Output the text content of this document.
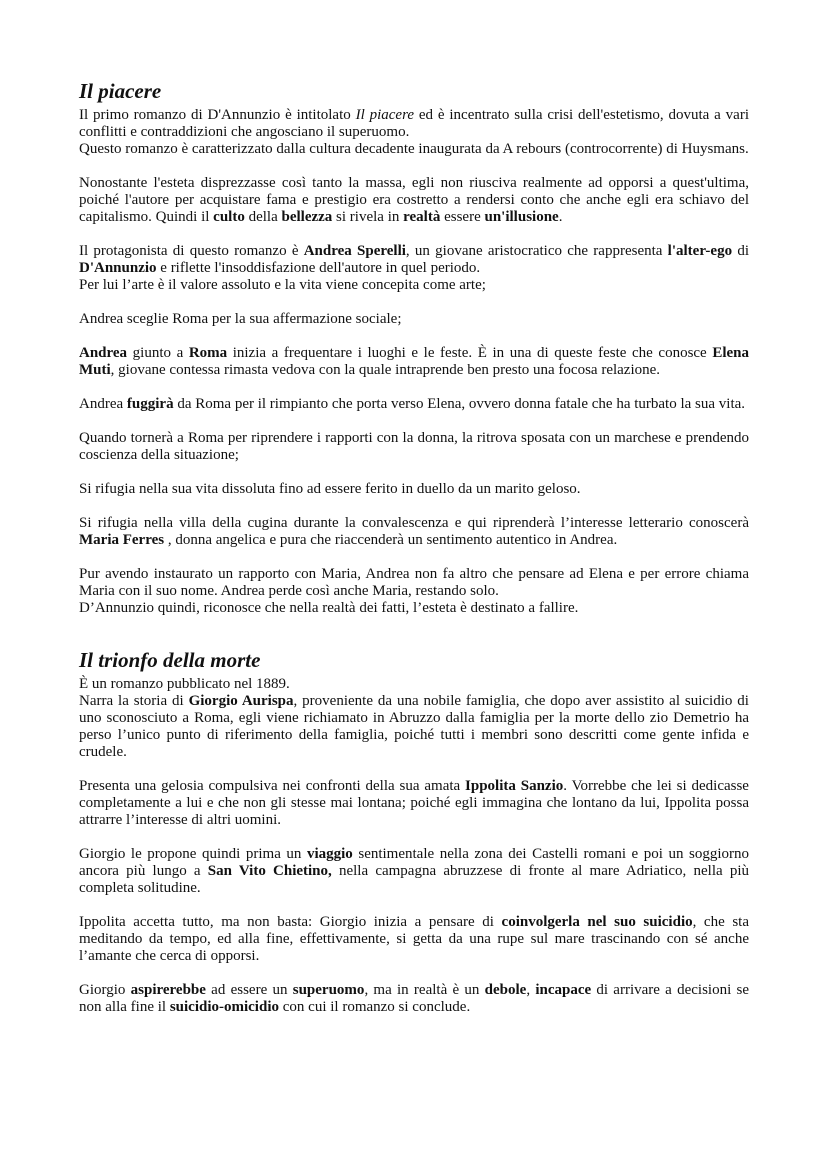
Il piacere

Il primo romanzo di D'Annunzio è intitolato Il piacere ed è incentrato sulla crisi dell'estetismo, dovuta a vari conflitti e contraddizioni che angosciano il superuomo.

Questo romanzo è caratterizzato dalla cultura decadente inaugurata da A rebours (controcorrente) di Huysmans.

Nonostante l'esteta disprezzasse così tanto la massa, egli non riusciva realmente ad opporsi a quest'ultima, poiché l'autore per acquistare fama e prestigio era costretto a rendersi conto che anche egli era schiavo del capitalismo. Quindi il culto della bellezza si rivela in realtà essere un'illusione.

Il protagonista di questo romanzo è Andrea Sperelli, un giovane aristocratico che rappresenta l'alter-ego di D'Annunzio e riflette l'insoddisfazione dell'autore in quel periodo.

Per lui l’arte è il valore assoluto e la vita viene concepita come arte;

Andrea sceglie Roma per la sua affermazione sociale;

Andrea giunto a Roma inizia a frequentare i luoghi e le feste. È in una di queste feste che conosce Elena Muti, giovane contessa rimasta vedova con la quale intraprende ben presto una focosa relazione.

Andrea fuggirà da Roma per il rimpianto che porta verso Elena, ovvero donna fatale che ha turbato la sua vita.

Quando tornerà a Roma per riprendere i rapporti con la donna, la ritrova sposata con un marchese e prendendo coscienza della situazione;

Si rifugia nella sua vita dissoluta fino ad essere ferito in duello da un marito geloso.

Si rifugia nella villa della cugina durante la convalescenza e qui riprenderà l’interesse letterario conoscerà Maria Ferres , donna angelica e pura che riaccenderà un sentimento autentico in Andrea.

Pur avendo instaurato un rapporto con Maria, Andrea non fa altro che pensare ad Elena e per errore chiama Maria con il suo nome. Andrea perde così anche Maria, restando solo.

D’Annunzio quindi, riconosce che nella realtà dei fatti, l’esteta è destinato a fallire.

Il trionfo della morte

È un romanzo pubblicato nel 1889.

Narra la storia di Giorgio Aurispa, proveniente da una nobile famiglia, che dopo aver assistito al suicidio di uno sconosciuto a Roma, egli viene richiamato in Abruzzo dalla famiglia per la morte dello zio Demetrio ha perso l’unico punto di riferimento della famiglia, poiché tutti i membri sono descritti come gente infida e crudele.

Presenta una gelosia compulsiva nei confronti della sua amata Ippolita Sanzio. Vorrebbe che lei si dedicasse completamente a lui e che non gli stesse mai lontana; poiché egli immagina che lontano da lui, Ippolita possa attrarre l’interesse di altri uomini.

Giorgio le propone quindi prima un viaggio sentimentale nella zona dei Castelli romani e poi un soggiorno ancora più lungo a San Vito Chietino, nella campagna abruzzese di fronte al mare Adriatico, nella più completa solitudine.

Ippolita accetta tutto, ma non basta: Giorgio inizia a pensare di coinvolgerla nel suo suicidio, che sta meditando da tempo, ed alla fine, effettivamente, si getta da una rupe sul mare trascinando con sé anche l’amante che cerca di opporsi.

Giorgio aspirerebbe ad essere un superuomo, ma in realtà è un debole, incapace di arrivare a decisioni se non alla fine il suicidio-omicidio con cui il romanzo si conclude.
